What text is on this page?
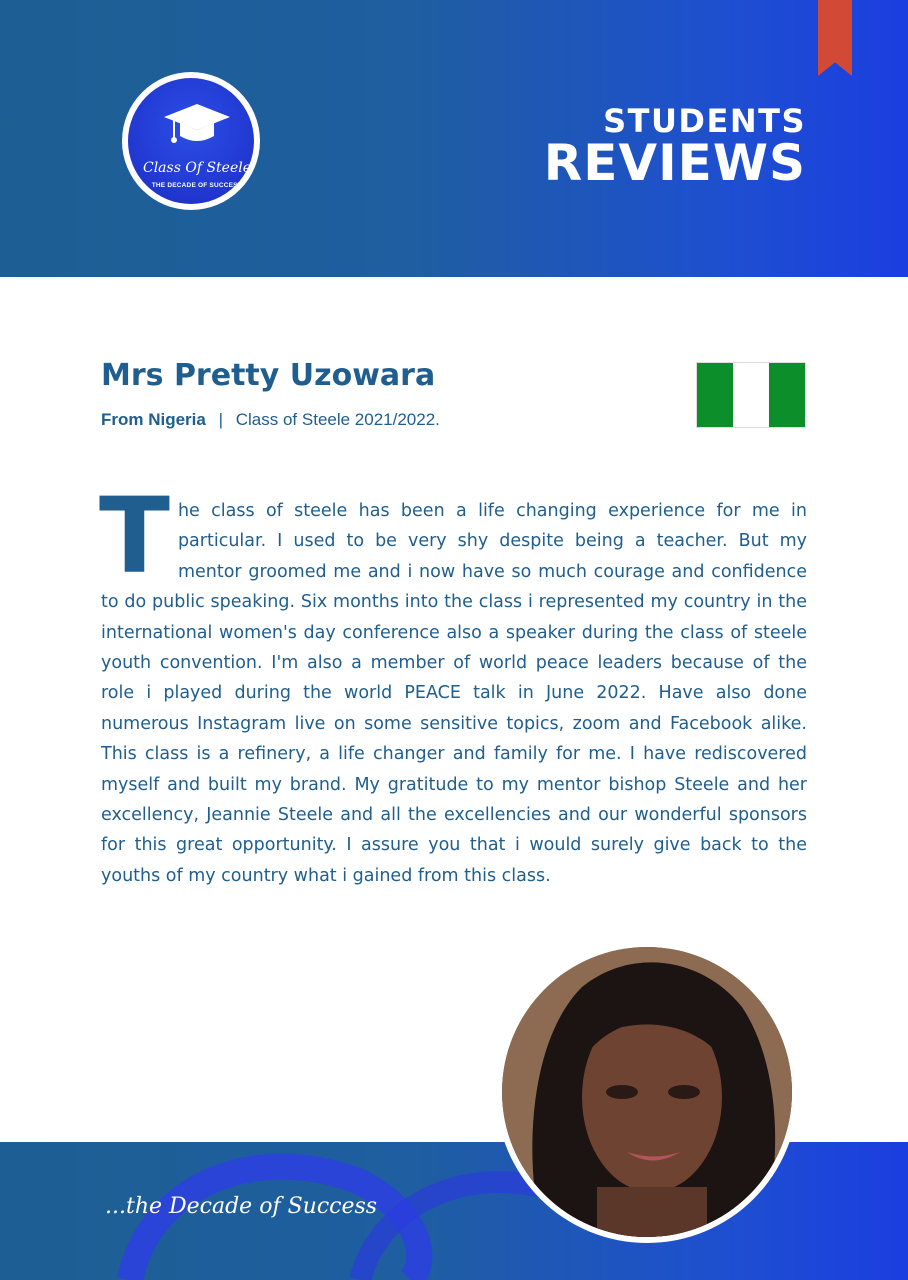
Class Of Steele
THE DECADE OF SUCCESS
STUDENTS
REVIEWS
Mrs Pretty Uzowara
From Nigeria | Class of Steele 2021/2022.
T he class of steele has been a life changing experience for me in particular. I used to be very shy despite being a teacher. But my mentor groomed me and i now have so much courage and confidence to do public speaking. Six months into the class i represented my country in the international women's day conference also a speaker during the class of steele youth convention. I'm also a member of world peace leaders because of the role i played during the world PEACE talk in June 2022. Have also done numerous Instagram live on some sensitive topics, zoom and Facebook alike. This class is a refinery, a life changer and family for me. I have rediscovered myself and built my brand. My gratitude to my mentor bishop Steele and her excellency, Jeannie Steele and all the excellencies and our wonderful sponsors for this great opportunity. I assure you that i would surely give back to the youths of my country what i gained from this class.
...the Decade of Success
